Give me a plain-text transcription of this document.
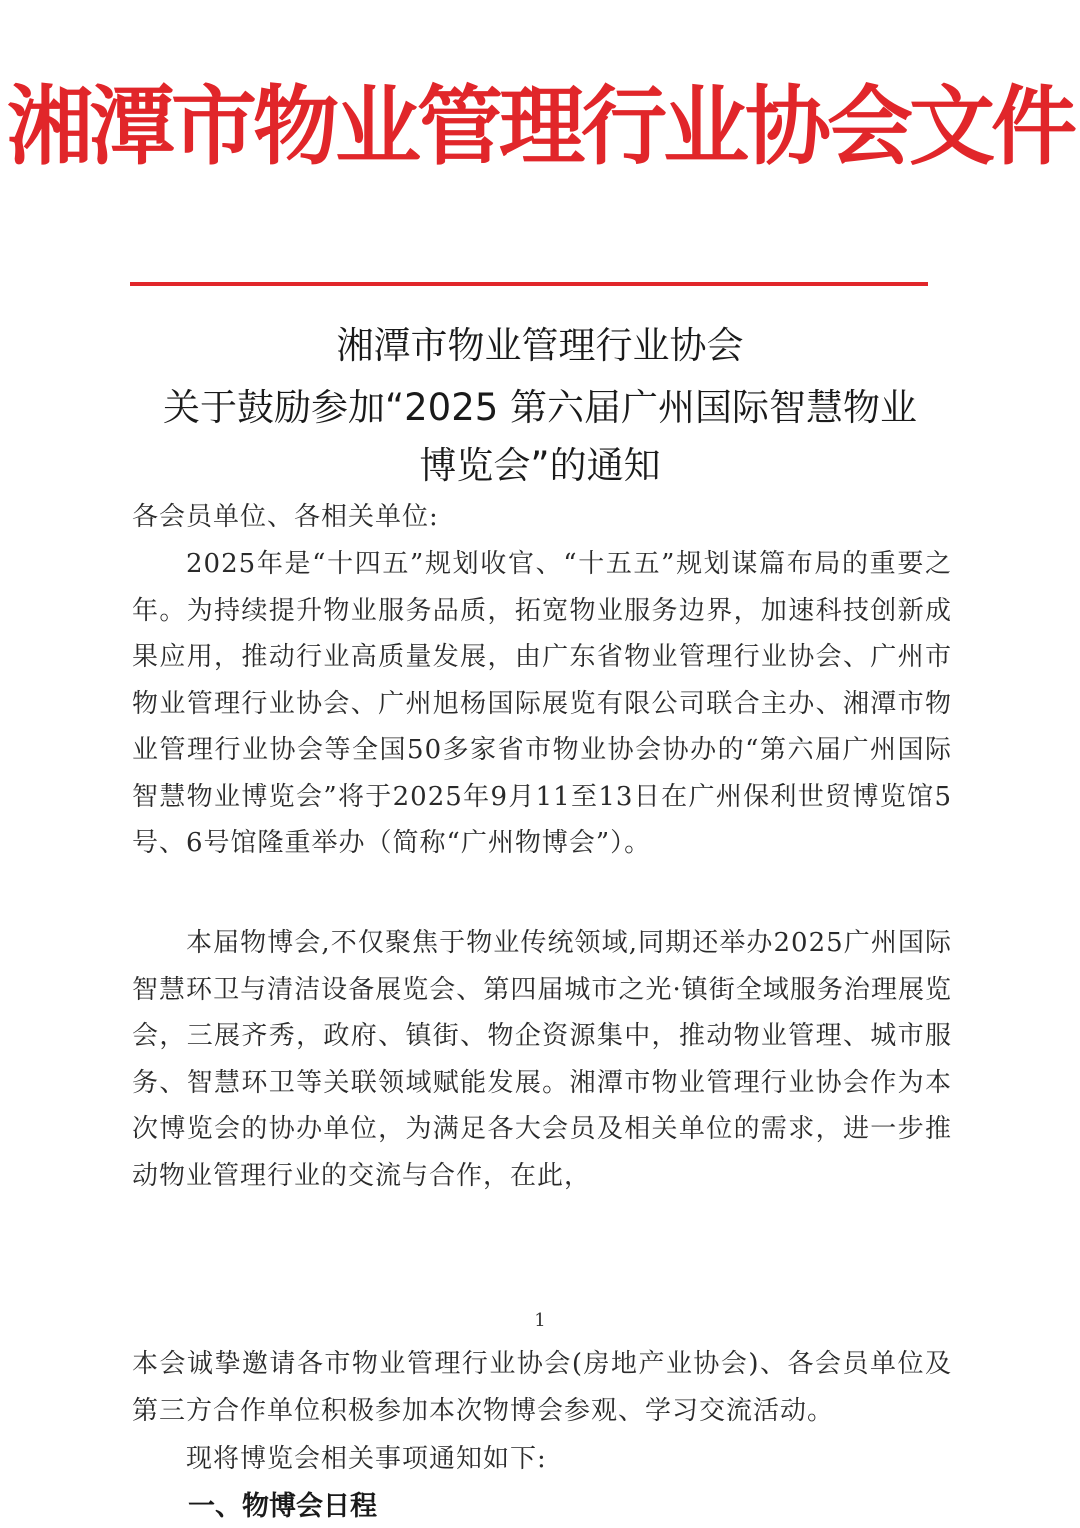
湘潭市物业管理行业协会文件
湘潭市物业管理行业协会
关于鼓励参加“2025 第六届广州国际智慧物业
博览会”的通知
各会员单位、各相关单位:
2025年是“十四五”规划收官、“十五五”规划谋篇布局的重要之年。为持续提升物业服务品质，拓宽物业服务边界，加速科技创新成果应用，推动行业高质量发展，由广东省物业管理行业协会、广州市物业管理行业协会、广州旭杨国际展览有限公司联合主办、湘潭市物业管理行业协会等全国50多家省市物业协会协办的“第六届广州国际智慧物业博览会”将于2025年9月11至13日在广州保利世贸博览馆5号、6号馆隆重举办（简称“广州物博会”）。
本届物博会,不仅聚焦于物业传统领域,同期还举办2025广州国际智慧环卫与清洁设备展览会、第四届城市之光·镇街全域服务治理展览会，三展齐秀，政府、镇街、物企资源集中，推动物业管理、城市服务、智慧环卫等关联领域赋能发展。湘潭市物业管理行业协会作为本次博览会的协办单位，为满足各大会员及相关单位的需求，进一步推动物业管理行业的交流与合作，在此，
1
本会诚挚邀请各市物业管理行业协会(房地产业协会)、各会员单位及第三方合作单位积极参加本次物博会参观、学习交流活动。
现将博览会相关事项通知如下:
一、物博会日程
